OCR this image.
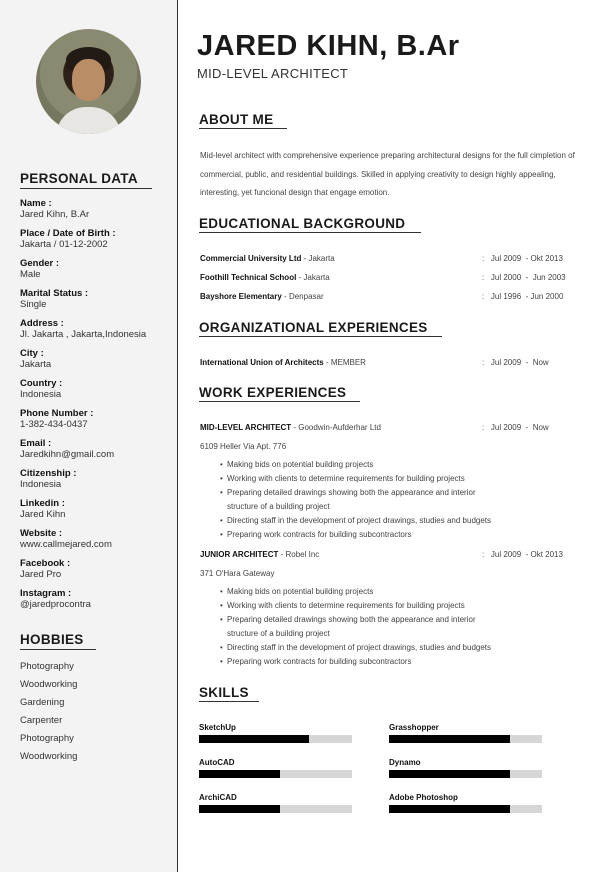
PERSONAL DATA
Name :
Jared Kihn, B.Ar
Place / Date of Birth :
Jakarta / 01-12-2002
Gender :
Male
Marital Status :
Single
Address :
Jl. Jakarta , Jakarta,Indonesia
City :
Jakarta
Country :
Indonesia
Phone Number :
1-382-434-0437
Email :
Jaredkihn@gmail.com
Citizenship :
Indonesia
Linkedin :
Jared Kihn
Website :
www.callmejared.com
Facebook :
Jared Pro
Instagram :
@jaredprocontra
HOBBIES
Photography
Woodworking
Gardening
Carpenter
Photography
Woodworking
JARED KIHN, B.Ar
MID-LEVEL ARCHITECT
ABOUT ME
Mid-level architect with comprehensive experience preparing architectural designs for the full cimpletion of commercial, public, and residential buildings. Skilled in applying creativity to design highly appealing, interesting, yet funcional design that engage emotion.
EDUCATIONAL BACKGROUND
Commercial University Ltd - Jakarta	:   Jul 2009  - Okt 2013
Foothill Technical School - Jakarta	:   Jul 2000  -  Jun 2003
Bayshore Elementary - Denpasar	:   Jul 1996  - Jun 2000
ORGANIZATIONAL EXPERIENCES
International Union of Architects - MEMBER	:   Jul 2009  -  Now
WORK EXPERIENCES
MID-LEVEL ARCHITECT - Goodwin-Aufderhar Ltd	:   Jul 2009  -  Now
6109 Heller Via Apt. 776
• Making bids on potential building projects
• Working with clients to determine requirements for building projects
• Preparing detailed drawings showing both the appearance and interior
structure of a building project
• Directing staff in the development of project drawings, studies and budgets
• Preparing work contracts for building subcontractors
JUNIOR ARCHITECT - Robel Inc	:   Jul 2009  - Okt 2013
371 O'Hara Gateway
• Making bids on potential building projects
• Working with clients to determine requirements for building projects
• Preparing detailed drawings showing both the appearance and interior
structure of a building project
• Directing staff in the development of project drawings, studies and budgets
• Preparing work contracts for building subcontractors
SKILLS
SketchUp	Grasshopper
AutoCAD	Dynamo
ArchiCAD	Adobe Photoshop
